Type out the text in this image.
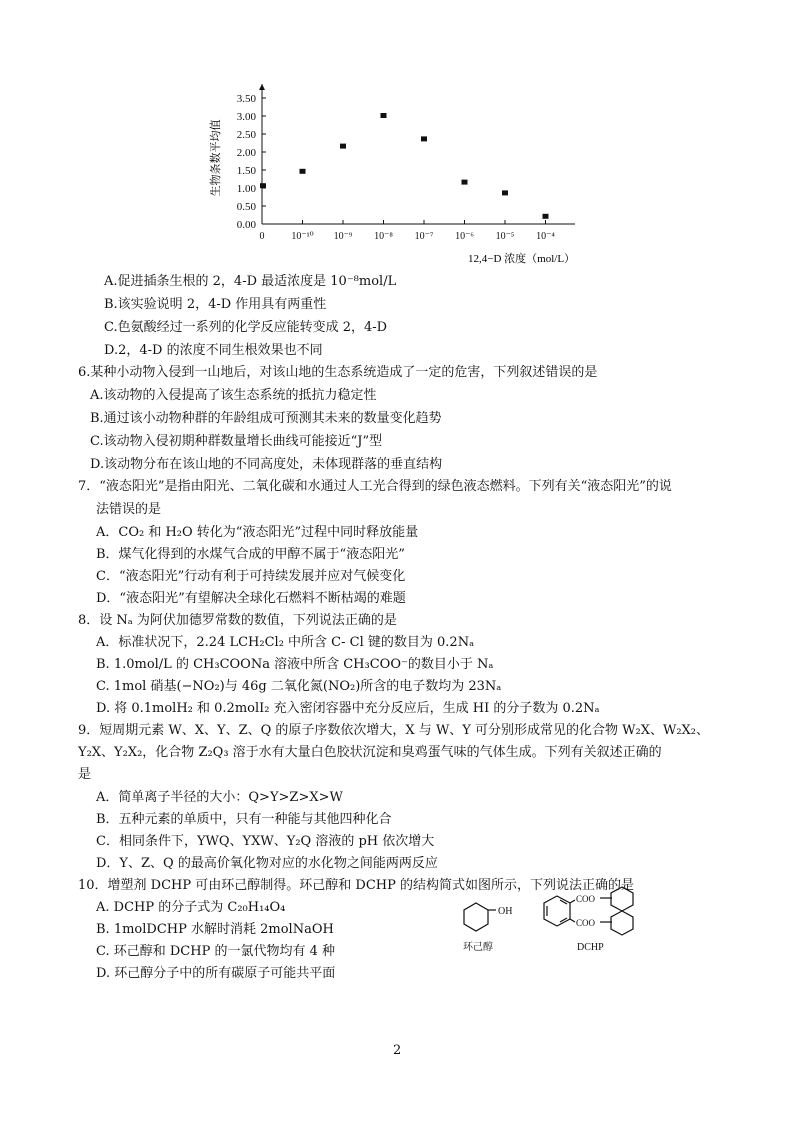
0.00
0.50
1.00
1.50
2.00
2.50
3.00
3.50
0	10⁻¹⁰ 10⁻⁹ 10⁻⁸ 10⁻⁷ 10⁻⁶ 10⁻⁵ 10⁻⁴
生物条数平均值
12,4−D 浓度（mol/L）
A.促进插条生根的 2，4-D 最适浓度是 10⁻⁸mol/L
B.该实验说明 2，4-D 作用具有两重性
C.色氨酸经过一系列的化学反应能转变成 2，4-D
D.2，4-D 的浓度不同生根效果也不同
6.某种小动物入侵到一山地后，对该山地的生态系统造成了一定的危害，下列叙述错误的是
A.该动物的入侵提高了该生态系统的抵抗力稳定性
B.通过该小动物种群的年龄组成可预测其未来的数量变化趋势
C.该动物入侵初期种群数量增长曲线可能接近“J”型
D.该动物分布在该山地的不同高度处，未体现群落的垂直结构
7．“液态阳光”是指由阳光、二氧化碳和水通过人工光合得到的绿色液态燃料。下列有关“液态阳光”的说
法错误的是
A．CO₂ 和 H₂O 转化为“液态阳光”过程中同时释放能量
B．煤气化得到的水煤气合成的甲醇不属于“液态阳光”
C．“液态阳光”行动有利于可持续发展并应对气候变化
D．“液态阳光”有望解决全球化石燃料不断枯竭的难题
8．设 Nₐ 为阿伏加德罗常数的数值，下列说法正确的是
A．标准状况下，2.24 LCH₂Cl₂ 中所含 C- Cl 键的数目为 0.2Nₐ
B. 1.0mol/L 的 CH₃COONa 溶液中所含 CH₃COO⁻的数目小于 Nₐ
C. 1mol 硝基(−NO₂)与 46g 二氧化氮(NO₂)所含的电子数均为 23Nₐ
D. 将 0.1molH₂ 和 0.2molI₂ 充入密闭容器中充分反应后，生成 HI 的分子数为 0.2Nₐ
9．短周期元素 W、X、Y、Z、Q 的原子序数依次增大，X 与 W、Y 可分别形成常见的化合物 W₂X、W₂X₂、
Y₂X、Y₂X₂，化合物 Z₂Q₃ 溶于水有大量白色胶状沉淀和臭鸡蛋气味的气体生成。下列有关叙述正确的
是
A．简单离子半径的大小：Q>Y>Z>X>W
B．五种元素的单质中，只有一种能与其他四种化合
C．相同条件下，YWQ、YXW、Y₂Q 溶液的 pH 依次增大
D．Y、Z、Q 的最高价氧化物对应的水化物之间能两两反应
10．增塑剂 DCHP 可由环己醇制得。环己醇和 DCHP 的结构简式如图所示，下列说法正确的是
A. DCHP 的分子式为 C₂₀H₁₄O₄
B. 1molDCHP 水解时消耗 2molNaOH
C. 环己醇和 DCHP 的一氯代物均有 4 种
D. 环己醇分子中的所有碳原子可能共平面
OH
COO
COO
环己醇	DCHP
2
